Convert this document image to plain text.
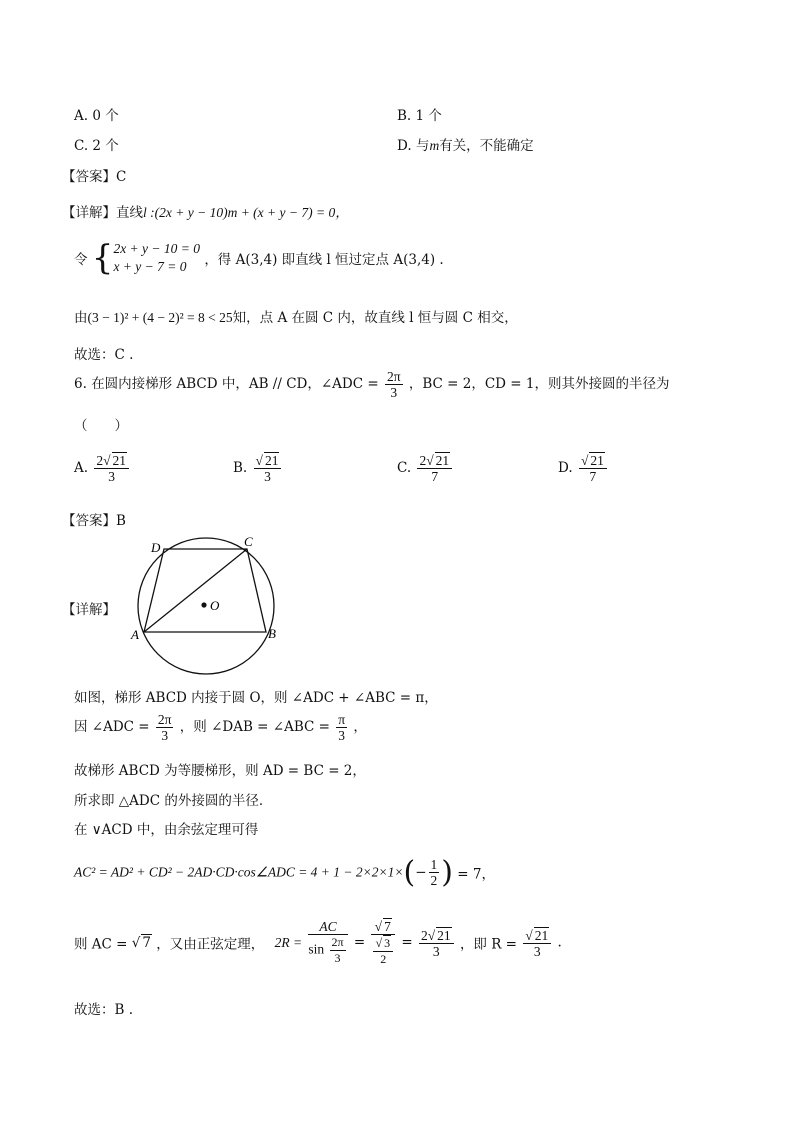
A. 0 个	B. 1 个
C. 2 个	D. 与m有关，不能确定
【答案】C
【详解】直线l :(2x + y − 10)m + (x + y − 7) = 0，
令 { 2x + y − 10 = 0
x + y − 7 = 0	，得 A(3,4) 即直线 l 恒过定点 A(3,4) .
由(3 − 1)² + (4 − 2)² = 8 < 25知，点 A 在圆 C 内，故直线 l 恒与圆 C 相交，
故选：C .
6. 在圆内接梯形 ABCD 中，AB // CD，∠ADC = $\frac{2\pi}{3}$ ，BC = 2，CD = 1，则其外接圆的半径为
（　　）
A. $\frac{2√ 21}{3}$	B. $\frac{√ 21}{3}$	C. $\frac{2√ 21}{7}$	D. $\frac{√ 21}{7}$
【答案】B
【详解】	O
A	B
C
D
如图，梯形 ABCD 内接于圆 O，则 ∠ADC + ∠ABC = π，
因 ∠ADC = $\frac{2\pi}{3}$ ，则 ∠DAB = ∠ABC = $\frac{\pi}{3}$ ，
故梯形 ABCD 为等腰梯形，则 AD = BC = 2，
所求即 △ADC 的外接圆的半径．
在 ∨ACD 中，由余弦定理可得
AC² = AD² + CD² − 2AD·CD·cos∠ADC = $4 + 1 - 2\times 2\times 1\times(- \frac{1}{2}$ ) = 7，
则 AC = √ 7 ，又由正弦定理， $2R = \frac{AC}{\sin \frac{2\pi}{3}} = \frac{√ 7}{\frac{√ 3}{2}} = \frac{2√ 21}{3}$ ，即 $R = \frac{√ 21}{3}$ .
故选：B .
